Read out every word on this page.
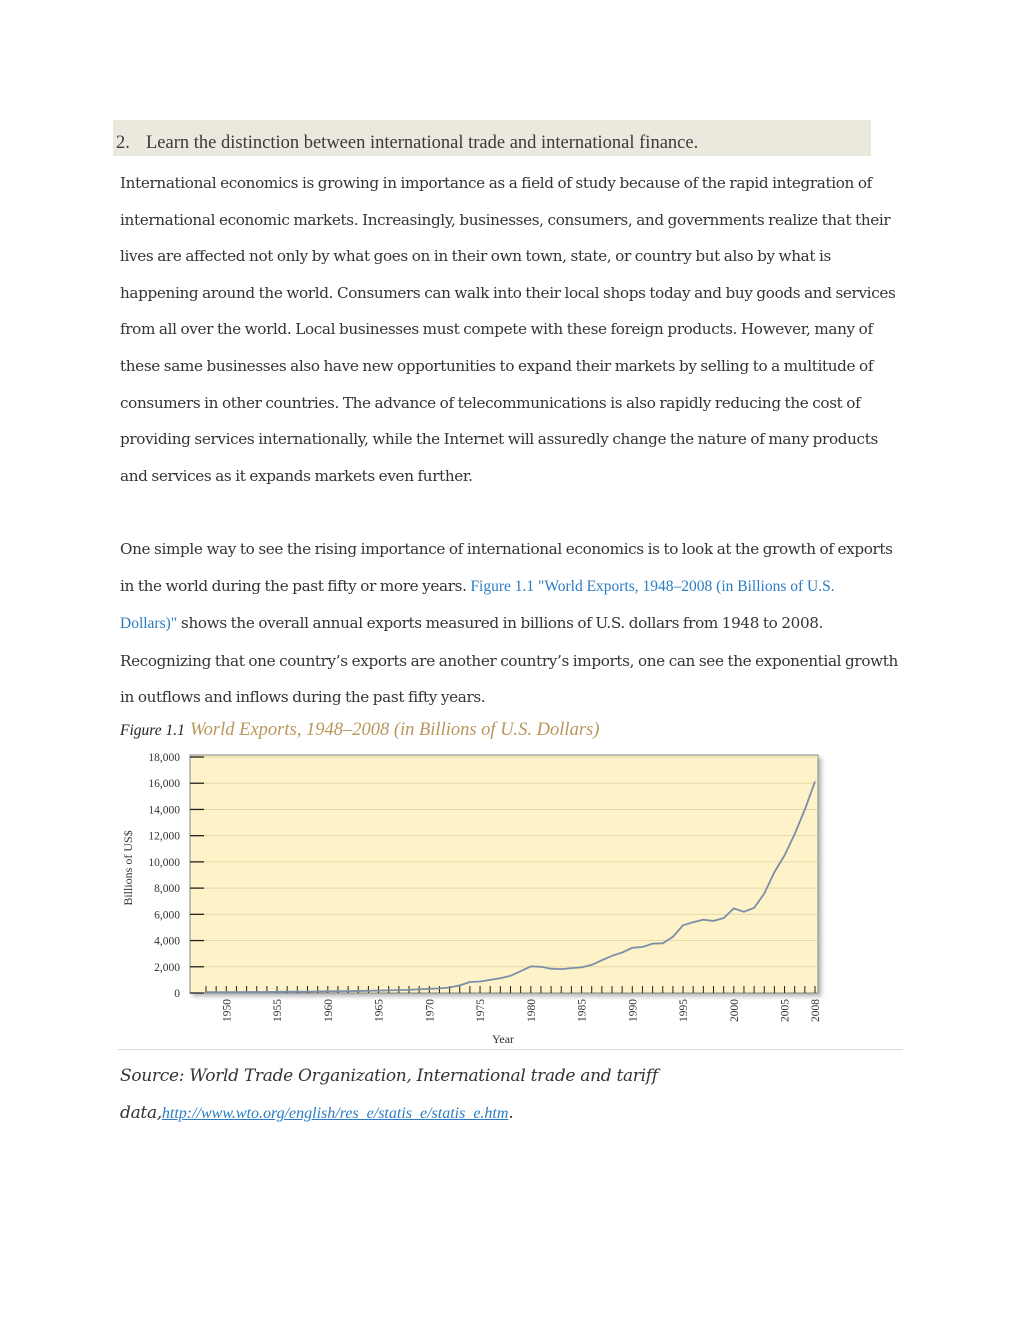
2. Learn the distinction between international trade and international finance.
International economics is growing in importance as a field of study because of the rapid integration of
international economic markets. Increasingly, businesses, consumers, and governments realize that their
lives are affected not only by what goes on in their own town, state, or country but also by what is
happening around the world. Consumers can walk into their local shops today and buy goods and services
from all over the world. Local businesses must compete with these foreign products. However, many of
these same businesses also have new opportunities to expand their markets by selling to a multitude of
consumers in other countries. The advance of telecommunications is also rapidly reducing the cost of
providing services internationally, while the Internet will assuredly change the nature of many products
and services as it expands markets even further.
One simple way to see the rising importance of international economics is to look at the growth of exports
in the world during the past fifty or more years. Figure 1.1 "World Exports, 1948–2008 (in Billions of U.S.
Dollars)" shows the overall annual exports measured in billions of U.S. dollars from 1948 to 2008.
Recognizing that one country’s exports are another country’s imports, one can see the exponential growth
in outflows and inflows during the past fifty years.
Figure 1.1 World Exports, 1948–2008 (in Billions of U.S. Dollars)
0
2,000
4,000
6,000
8,000
10,000
12,000
14,000
16,000
18,000
1950	1955	1960	1965	1970	1975	1980	1985	1990	1995	2000	2005 2008
Billions of US$
Year
Source: World Trade Organization, International trade and tariff
data,http://www.wto.org/english/res_e/statis_e/statis_e.htm.
